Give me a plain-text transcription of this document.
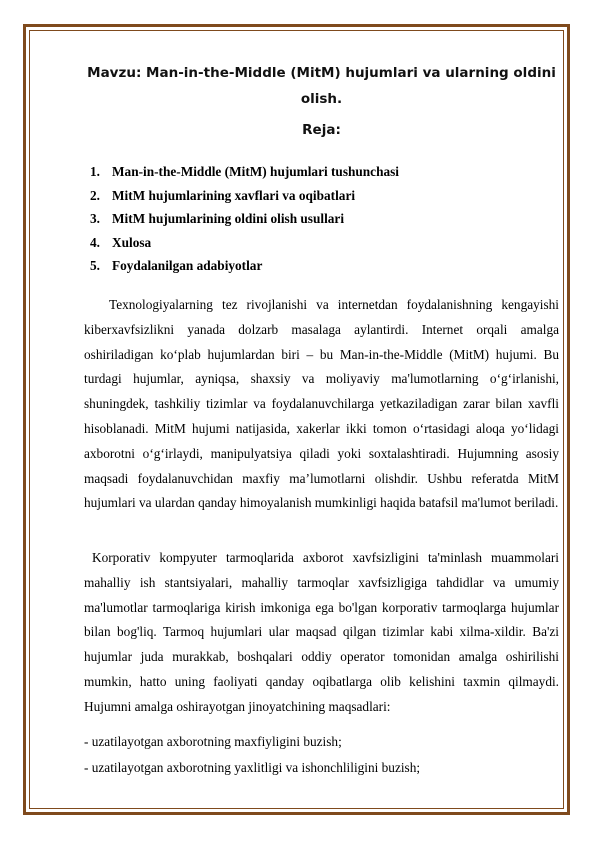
Mavzu: Man-in-the-Middle (MitM) hujumlari va ularning oldini olish.
Reja:
1. Man-in-the-Middle (MitM) hujumlari tushunchasi
2. MitM hujumlarining xavflari va oqibatlari
3. MitM hujumlarining oldini olish usullari
4. Xulosa
5. Foydalanilgan adabiyotlar

Texnologiyalarning tez rivojlanishi va internetdan foydalanishning kengayishi kiberxavfsizlikni yanada dolzarb masalaga aylantirdi. Internet orqali amalga oshiriladigan ko‘plab hujumlardan biri – bu Man-in-the-Middle (MitM) hujumi. Bu turdagi hujumlar, ayniqsa, shaxsiy va moliyaviy ma'lumotlarning o‘g‘irlanishi, shuningdek, tashkiliy tizimlar va foydalanuvchilarga yetkaziladigan zarar bilan xavfli hisoblanadi. MitM hujumi natijasida, xakerlar ikki tomon o‘rtasidagi aloqa yo‘lidagi axborotni o‘g‘irlaydi, manipulyatsiya qiladi yoki soxtalashtiradi. Hujumning asosiy maqsadi foydalanuvchidan maxfiy ma’lumotlarni olishdir. Ushbu referatda MitM hujumlari va ulardan qanday himoyalanish mumkinligi haqida batafsil ma'lumot beriladi.

Korporativ kompyuter tarmoqlarida axborot xavfsizligini ta'minlash muammolari mahalliy ish stantsiyalari, mahalliy tarmoqlar xavfsizligiga tahdidlar va umumiy ma'lumotlar tarmoqlariga kirish imkoniga ega bo'lgan korporativ tarmoqlarga hujumlar bilan bog'liq. Tarmoq hujumlari ular maqsad qilgan tizimlar kabi xilma-xildir. Ba'zi hujumlar juda murakkab, boshqalari oddiy operator tomonidan amalga oshirilishi mumkin, hatto uning faoliyati qanday oqibatlarga olib kelishini taxmin qilmaydi. Hujumni amalga oshirayotgan jinoyatchining maqsadlari:

- uzatilayotgan axborotning maxfiyligini buzish;

- uzatilayotgan axborotning yaxlitligi va ishonchliligini buzish;
